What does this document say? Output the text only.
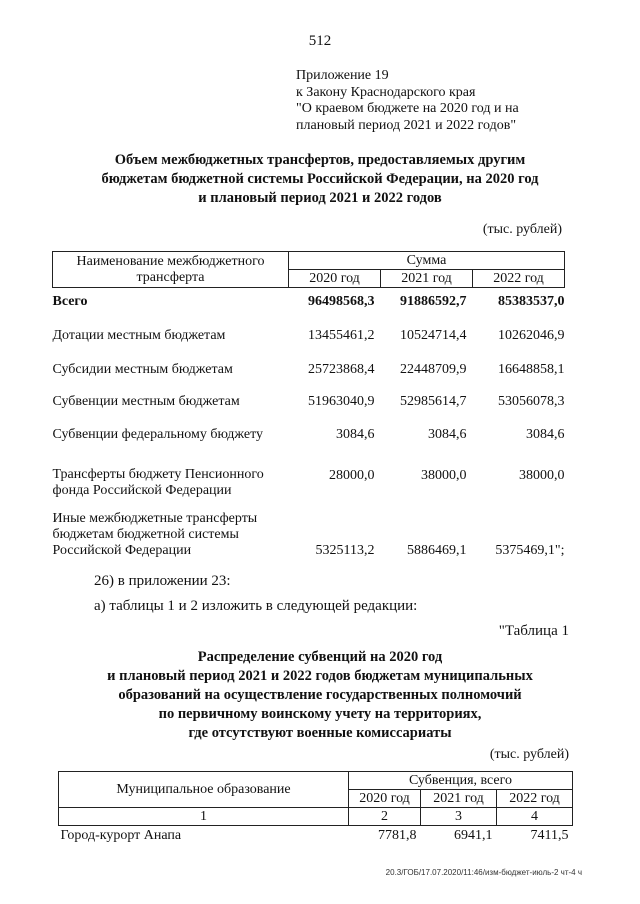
512
Приложение 19
к Закону Краснодарского края
"О краевом бюджете на 2020 год и на
плановый период 2021 и 2022 годов"
Объем межбюджетных трансфертов, предоставляемых другим
бюджетам бюджетной системы Российской Федерации, на 2020 год
и плановый период 2021 и 2022 годов
(тыс. рублей)
Наименование межбюджетного трансферта	Сумма		
	2020 год	2021 год	2022 год
Всего	96498568,3	91886592,7	85383537,0
Дотации местным бюджетам	13455461,2	10524714,4	10262046,9
Субсидии местным бюджетам	25723868,4	22448709,9	16648858,1
Субвенции местным бюджетам	51963040,9	52985614,7	53056078,3
Субвенции федеральному бюджету	3084,6	3084,6	3084,6
Трансферты бюджету Пенсионного фонда Российской Федерации	28000,0	38000,0	38000,0
Иные межбюджетные трансферты бюджетам бюджетной системы Российской Федерации	5325113,2	5886469,1	5375469,1";
26) в приложении 23:
а) таблицы 1 и 2 изложить в следующей редакции:
"Таблица 1
Распределение субвенций на 2020 год
и плановый период 2021 и 2022 годов бюджетам муниципальных
образований на осуществление государственных полномочий
по первичному воинскому учету на территориях,
где отсутствуют военные комиссариаты
(тыс. рублей)
Муниципальное образование	Субвенция, всего		
	2020 год	2021 год	2022 год
1	2	3	4
Город-курорт Анапа	7781,8	6941,1	7411,5
20.3/ГОБ/17.07.2020/11:46/изм-бюджет-июль-2 чт-4 ч
